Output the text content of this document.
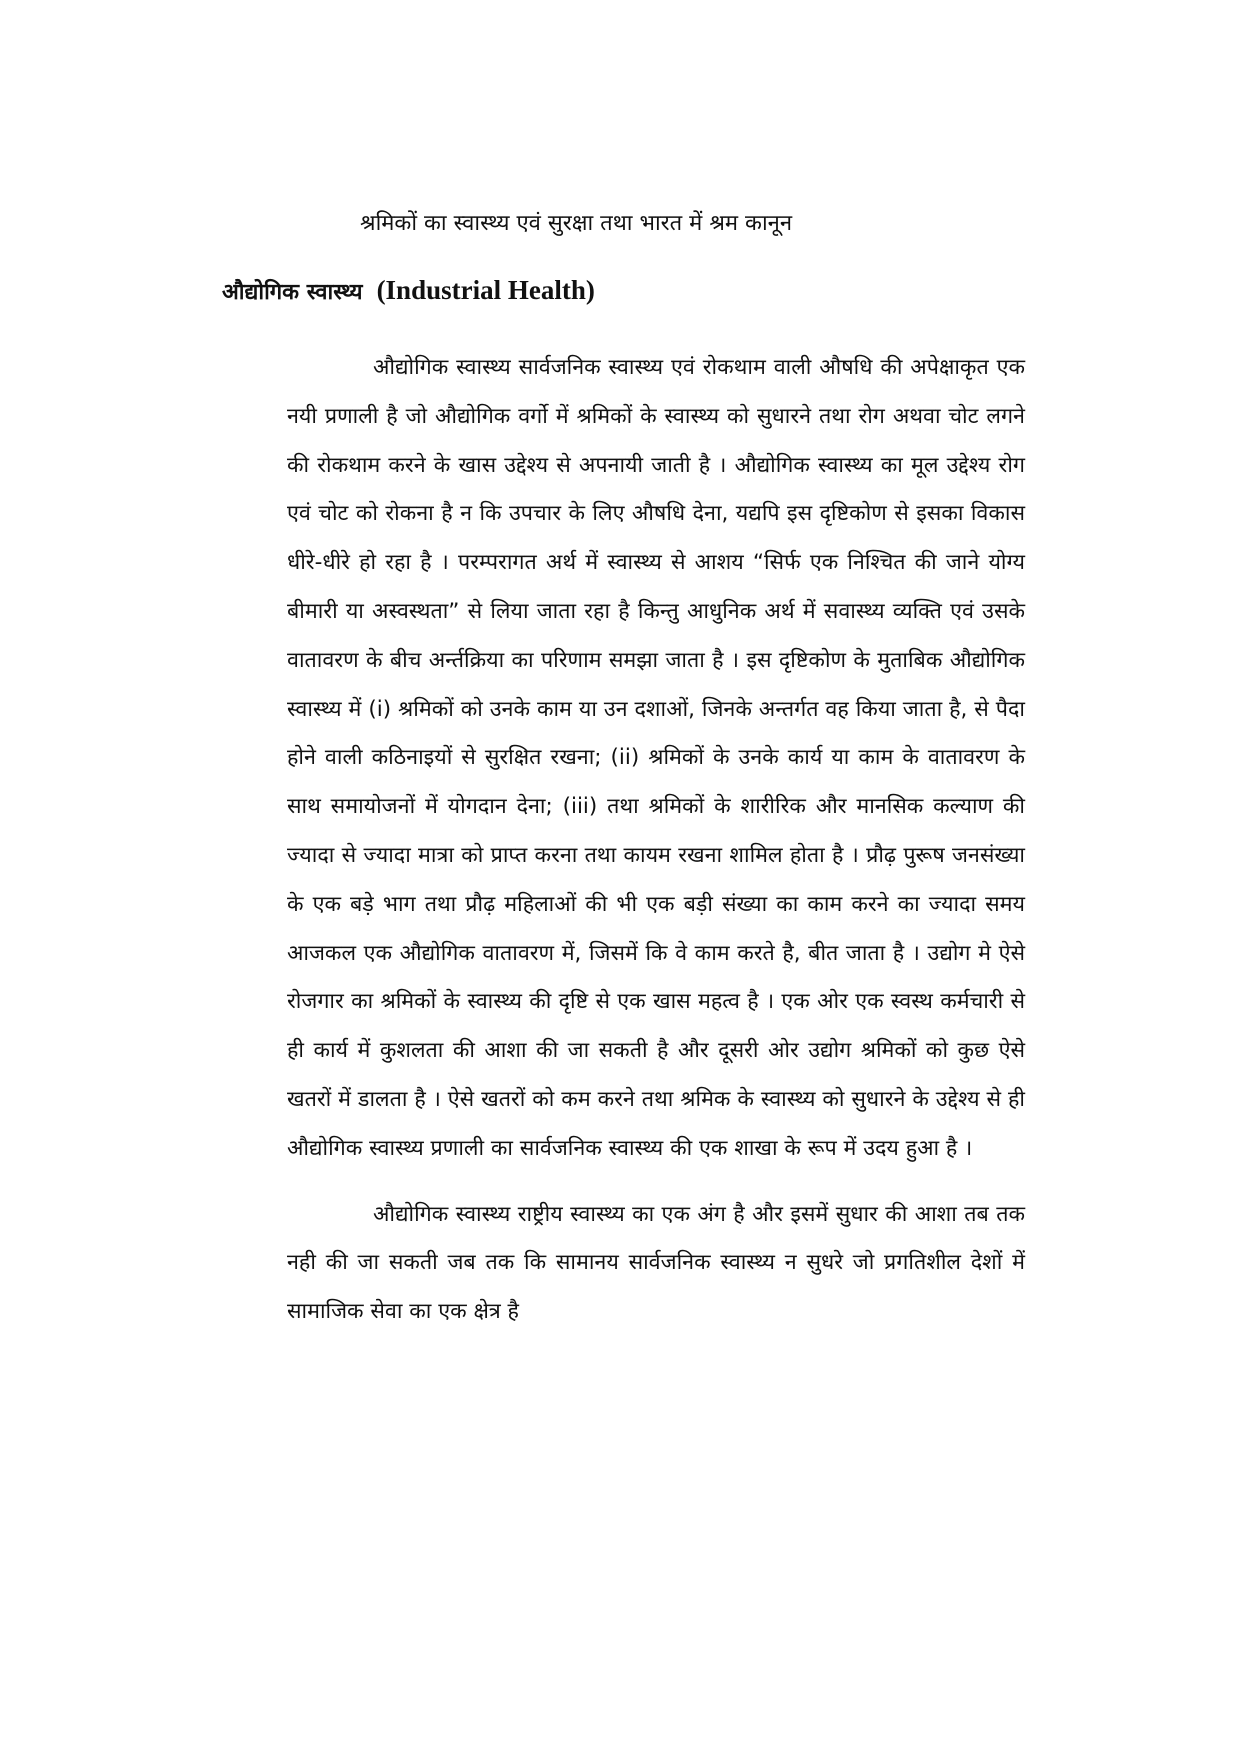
श्रमिकों का स्वास्थ्य एवं सुरक्षा तथा भारत में श्रम कानून
औद्योगिक स्वास्थ्य (Industrial Health)

औद्योगिक स्वास्थ्य सार्वजनिक स्वास्थ्य एवं रोकथाम वाली औषधि की अपेक्षाकृत एक नयी प्रणाली है जो औद्योगिक वर्गो में श्रमिकों के स्वास्थ्य को सुधारने तथा रोग अथवा चोट लगने की रोकथाम करने के खास उद्देश्य से अपनायी जाती है । औद्योगिक स्वास्थ्य का मूल उद्देश्य रोग एवं चोट को रोकना है न कि उपचार के लिए औषधि देना, यद्यपि इस दृष्टिकोण से इसका विकास धीरे-धीरे हो रहा है । परम्परागत अर्थ में स्वास्थ्य से आशय “सिर्फ एक निश्चित की जाने योग्य बीमारी या अस्वस्थता” से लिया जाता रहा है किन्तु आधुनिक अर्थ में सवास्थ्य व्यक्ति एवं उसके वातावरण के बीच अर्न्तक्रिया का परिणाम समझा जाता है । इस दृष्टिकोण के मुताबिक औद्योगिक स्वास्थ्य में (i) श्रमिकों को उनके काम या उन दशाओं, जिनके अन्तर्गत वह किया जाता है, से पैदा होने वाली कठिनाइयों से सुरक्षित रखना; (ii) श्रमिकों के उनके कार्य या काम के वातावरण के साथ समायोजनों में योगदान देना; (iii) तथा श्रमिकों के शारीरिक और मानसिक कल्याण की ज्यादा से ज्यादा मात्रा को प्राप्त करना तथा कायम रखना शामिल होता है । प्रौढ़ पुरूष जनसंख्या के एक बड़े भाग तथा प्रौढ़ महिलाओं की भी एक बड़ी संख्या का काम करने का ज्यादा समय आजकल एक औद्योगिक वातावरण में, जिसमें कि वे काम करते है, बीत जाता है । उद्योग मे ऐसे रोजगार का श्रमिकों के स्वास्थ्य की दृष्टि से एक खास महत्व है । एक ओर एक स्वस्थ कर्मचारी से ही कार्य में कुशलता की आशा की जा सकती है और दूसरी ओर उद्योग श्रमिकों को कुछ ऐसे खतरों में डालता है । ऐसे खतरों को कम करने तथा श्रमिक के स्वास्थ्य को सुधारने के उद्देश्य से ही औद्योगिक स्वास्थ्य प्रणाली का सार्वजनिक स्वास्थ्य की एक शाखा के रूप में उदय हुआ है ।

औद्योगिक स्वास्थ्य राष्ट्रीय स्वास्थ्य का एक अंग है और इसमें सुधार की आशा तब तक नही की जा सकती जब तक कि सामानय सार्वजनिक स्वास्थ्य न सुधरे जो प्रगतिशील देशों में सामाजिक सेवा का एक क्षेत्र है
